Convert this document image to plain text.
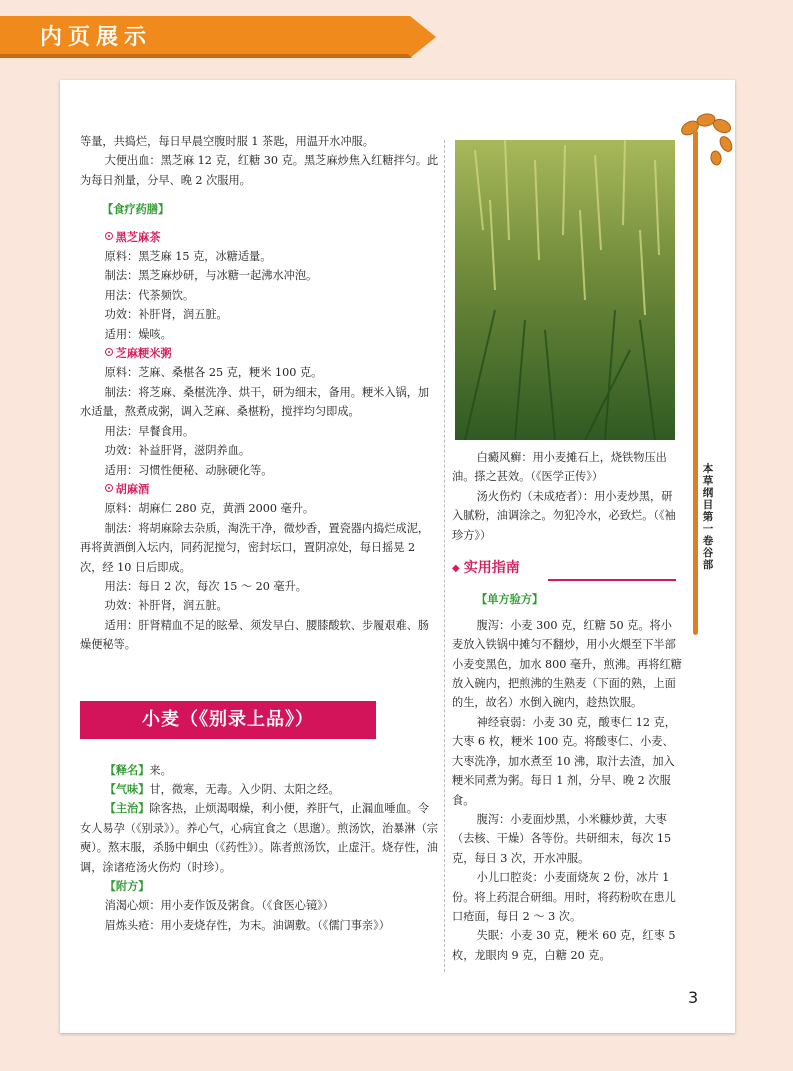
内页展示
本草纲目第一卷 谷部

等量，共捣烂，每日早晨空腹时服 1 茶匙，用温开水冲服。

大便出血：黑芝麻 12 克，红糖 30 克。黑芝麻炒焦入红糖拌匀。此为每日剂量，分早、晚 2 次服用。

【食疗药膳】

黑芝麻茶

原料：黑芝麻 15 克，冰糖适量。

制法：黑芝麻炒研，与冰糖一起沸水冲泡。

用法：代茶频饮。

功效：补肝肾，润五脏。

适用：燥咳。

芝麻粳米粥

原料：芝麻、桑椹各 25 克，粳米 100 克。

制法：将芝麻、桑椹洗净、烘干，研为细末，备用。粳米入锅，加水适量，熬煮成粥，调入芝麻、桑椹粉，搅拌均匀即成。

用法：早餐食用。

功效：补益肝肾，滋阴养血。

适用：习惯性便秘、动脉硬化等。

胡麻酒

原料：胡麻仁 280 克，黄酒 2000 毫升。

制法：将胡麻除去杂质，淘洗干净，微炒香，置瓷器内捣烂成泥，再将黄酒倒入坛内，同药泥搅匀，密封坛口，置阴凉处，每日摇晃 2 次，经 10 日后即成。

用法：每日 2 次，每次 15 ～ 20 毫升。

功效：补肝肾，润五脏。

适用：肝肾精血不足的眩晕、须发早白、腰膝酸软、步履艰难、肠燥便秘等。

小麦（《别录上品》）

【释名】来。

【气味】甘，微寒，无毒。入少阴、太阳之经。

【主治】除客热，止烦渴咽燥，利小便，养肝气，止漏血唾血。令女人易孕（《别录》）。养心气，心病宜食之（思邈）。煎汤饮，治暴淋（宗奭）。熬末服，杀肠中蛔虫（《药性》）。陈者煎汤饮，止虚汗。烧存性，油调，涂诸疮汤火伤灼（时珍）。

【附方】

消渴心烦：用小麦作饭及粥食。（《食医心镜》）

眉炼头疮：用小麦烧存性，为末。油调敷。（《儒门事亲》）

白癜风癣：用小麦摊石上，烧铁物压出油。搽之甚效。（《医学正传》）

汤火伤灼（未成疮者）：用小麦炒黑，研入腻粉，油调涂之。勿犯冷水，必致烂。（《袖珍方》）

◆ 实用指南
【单方验方】

腹泻：小麦 300 克，红糖 50 克。将小麦放入铁锅中摊匀不翻炒，用小火煨至下半部小麦变黑色，加水 800 毫升，煎沸。再将红糖放入碗内，把煎沸的生熟麦（下面的熟，上面的生，故名）水倒入碗内，趁热饮服。

神经衰弱：小麦 30 克，酸枣仁 12 克，大枣 6 枚，粳米 100 克。将酸枣仁、小麦、大枣洗净，加水煮至 10 沸，取汁去渣，加入粳米同煮为粥。每日 1 剂，分早、晚 2 次服食。

腹泻：小麦面炒黑，小米糠炒黄，大枣（去核、干燥）各等份。共研细末，每次 15 克，每日 3 次，开水冲服。

小儿口腔炎：小麦面烧灰 2 份，冰片 1 份。将上药混合研细。用时，将药粉吹在患儿口疮面，每日 2 ～ 3 次。

失眠：小麦 30 克，粳米 60 克，红枣 5 枚，龙眼肉 9 克，白糖 20 克。

3
